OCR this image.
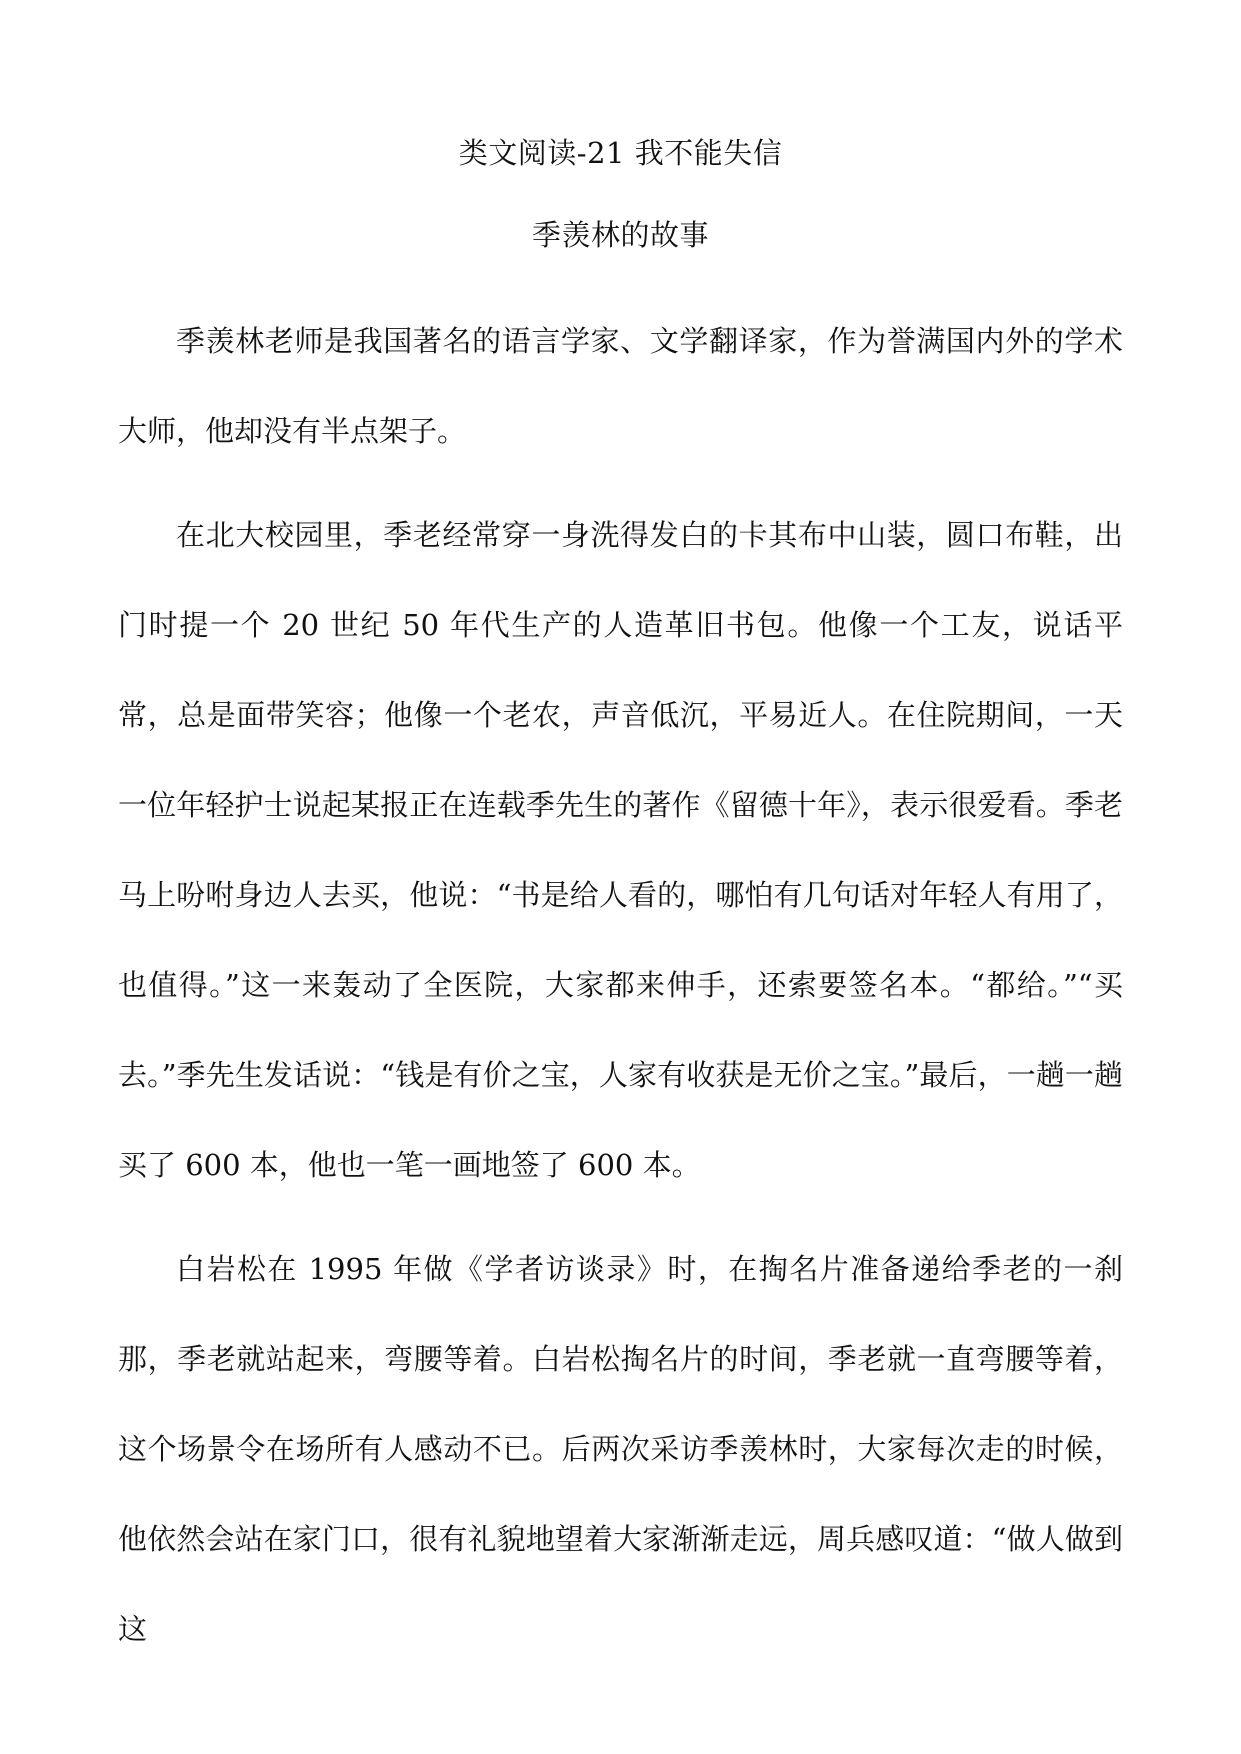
类文阅读-21 我不能失信
季羡林的故事

季羡林老师是我国著名的语言学家、文学翻译家，作为誉满国内外的学术大师，他却没有半点架子。

在北大校园里，季老经常穿一身洗得发白的卡其布中山装，圆口布鞋，出门时提一个 20 世纪 50 年代生产的人造革旧书包。他像一个工友，说话平常，总是面带笑容；他像一个老农，声音低沉，平易近人。在住院期间，一天一位年轻护士说起某报正在连载季先生的著作《留德十年》，表示很爱看。季老马上吩咐身边人去买，他说：“书是给人看的，哪怕有几句话对年轻人有用了，也值得。”这一来轰动了全医院，大家都来伸手，还索要签名本。“都给。”“买去。”季先生发话说：“钱是有价之宝，人家有收获是无价之宝。”最后，一趟一趟买了 600 本，他也一笔一画地签了 600 本。

白岩松在 1995 年做《学者访谈录》时，在掏名片准备递给季老的一刹那，季老就站起来，弯腰等着。白岩松掏名片的时间，季老就一直弯腰等着，这个场景令在场所有人感动不已。后两次采访季羡林时，大家每次走的时候，他依然会站在家门口，很有礼貌地望着大家渐渐走远，周兵感叹道：“做人做到这
